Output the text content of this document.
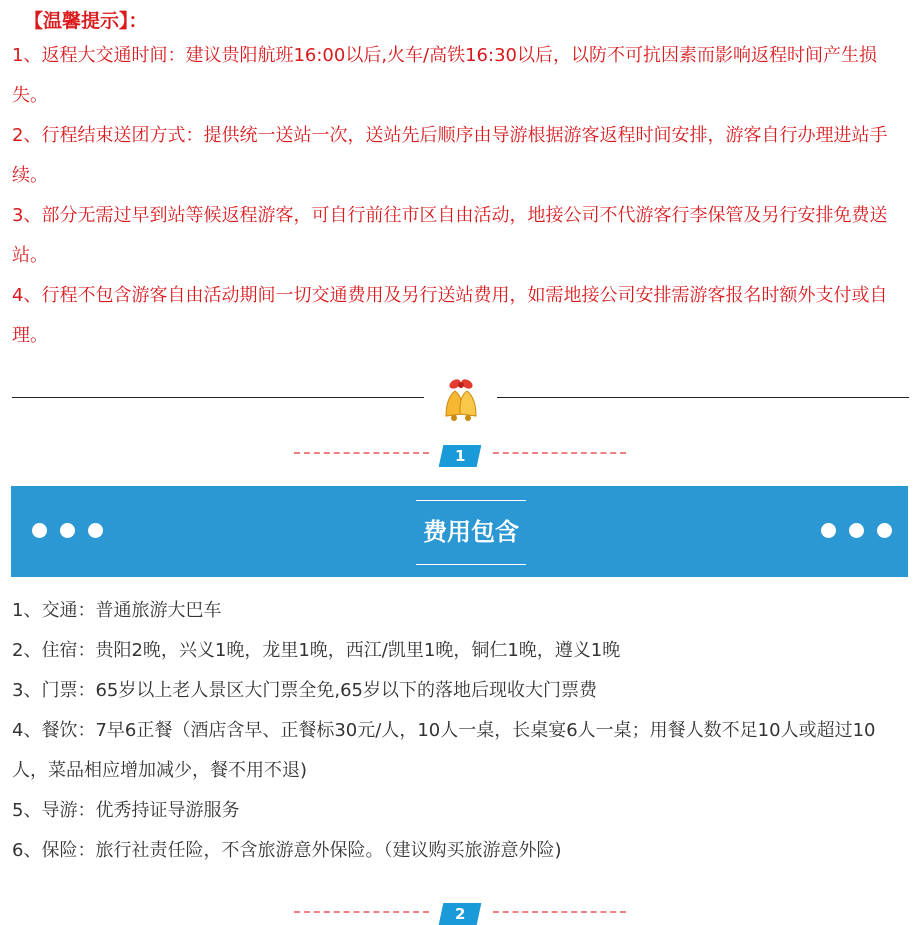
【温馨提示】：

1、返程大交通时间：建议贵阳航班16:00以后,火车/高铁16:30以后，以防不可抗因素而影响返程时间产生损失。

2、行程结束送团方式：提供统一送站一次，送站先后顺序由导游根据游客返程时间安排，游客自行办理进站手续。

3、部分无需过早到站等候返程游客，可自行前往市区自由活动，地接公司不代游客行李保管及另行安排免费送站。

4、行程不包含游客自由活动期间一切交通费用及另行送站费用，如需地接公司安排需游客报名时额外支付或自理。

1
费用包含

1、交通：普通旅游大巴车

2、住宿：贵阳2晚，兴义1晚，龙里1晚，西江/凯里1晚，铜仁1晚，遵义1晚

3、门票：65岁以上老人景区大门票全免,65岁以下的落地后现收大门票费

4、餐饮：7早6正餐（酒店含早、正餐标30元/人，10人一桌，长桌宴6人一桌；用餐人数不足10人或超过10人，菜品相应增加减少，餐不用不退)

5、导游：优秀持证导游服务

6、保险：旅行社责任险，不含旅游意外保险。（建议购买旅游意外险)

2
